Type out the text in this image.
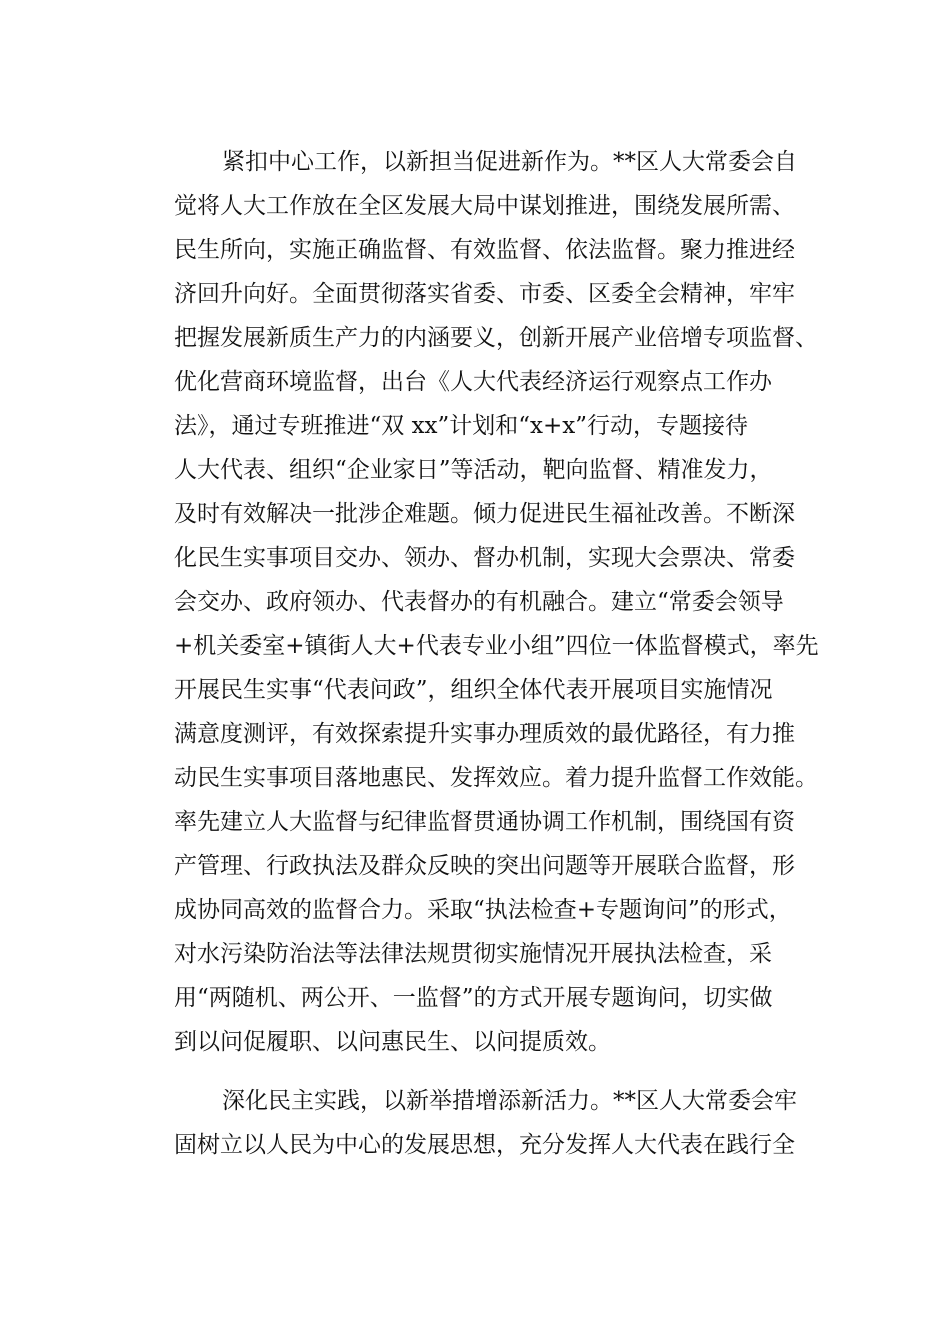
紧扣中心工作，以新担当促进新作为。**区人大常委会自
觉将人大工作放在全区发展大局中谋划推进，围绕发展所需、
民生所向，实施正确监督、有效监督、依法监督。聚力推进经
济回升向好。全面贯彻落实省委、市委、区委全会精神，牢牢
把握发展新质生产力的内涵要义，创新开展产业倍增专项监督、
优化营商环境监督，出台《人大代表经济运行观察点工作办
法》，通过专班推进“双 xx”计划和“x+x”行动，专题接待
人大代表、组织“企业家日”等活动，靶向监督、精准发力，
及时有效解决一批涉企难题。倾力促进民生福祉改善。不断深
化民生实事项目交办、领办、督办机制，实现大会票决、常委
会交办、政府领办、代表督办的有机融合。建立“常委会领导
+机关委室+镇街人大+代表专业小组”四位一体监督模式，率先
开展民生实事“代表问政”，组织全体代表开展项目实施情况
满意度测评，有效探索提升实事办理质效的最优路径，有力推
动民生实事项目落地惠民、发挥效应。着力提升监督工作效能。
率先建立人大监督与纪律监督贯通协调工作机制，围绕国有资
产管理、行政执法及群众反映的突出问题等开展联合监督，形
成协同高效的监督合力。采取“执法检查+专题询问”的形式，
对水污染防治法等法律法规贯彻实施情况开展执法检查，采
用“两随机、两公开、一监督”的方式开展专题询问，切实做
到以问促履职、以问惠民生、以问提质效。
深化民主实践，以新举措增添新活力。**区人大常委会牢
固树立以人民为中心的发展思想，充分发挥人大代表在践行全
